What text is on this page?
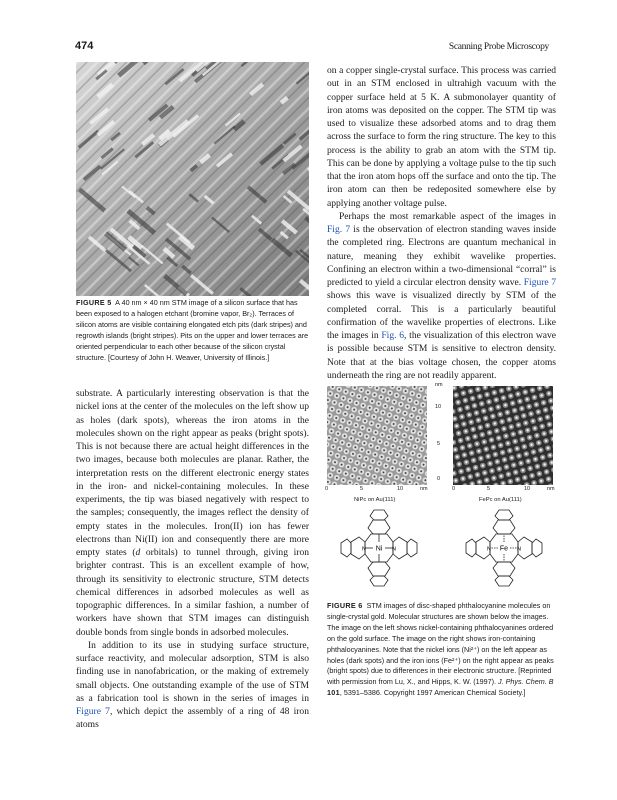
474	Scanning Probe Microscopy
FIGURE 5 A 40 nm × 40 nm STM image of a silicon surface that has been exposed to a halogen etchant (bromine vapor, Br₂). Terraces of silicon atoms are visible containing elongated etch pits (dark stripes) and regrowth islands (bright stripes). Pits on the upper and lower terraces are oriented perpendicular to each other because of the silicon crystal structure. [Courtesy of John H. Weaver, University of Illinois.]

substrate. A particularly interesting observation is that the nickel ions at the center of the molecules on the left show up as holes (dark spots), whereas the iron atoms in the molecules shown on the right appear as peaks (bright spots). This is not because there are actual height differences in the two images, because both molecules are planar. Rather, the interpretation rests on the different electronic energy states in the iron- and nickel-containing molecules. In these experiments, the tip was biased negatively with respect to the samples; consequently, the images reflect the density of empty states in the molecules. Iron(II) ion has fewer electrons than Ni(II) ion and consequently there are more empty states (d orbitals) to tunnel through, giving iron brighter contrast. This is an excellent example of how, through its sensitivity to electronic structure, STM detects chemical differences in adsorbed molecules as well as topographic differences. In a similar fashion, a number of workers have shown that STM images can distinguish double bonds from single bonds in adsorbed molecules.

In addition to its use in studying surface structure, surface reactivity, and molecular adsorption, STM is also finding use in nanofabrication, or the making of extremely small objects. One outstanding example of the use of STM as a fabrication tool is shown in the series of images in Figure 7, which depict the assembly of a ring of 48 iron atoms

on a copper single-crystal surface. This process was carried out in an STM enclosed in ultrahigh vacuum with the copper surface held at 5 K. A submonolayer quantity of iron atoms was deposited on the copper. The STM tip was used to visualize these adsorbed atoms and to drag them across the surface to form the ring structure. The key to this process is the ability to grab an atom with the STM tip. This can be done by applying a voltage pulse to the tip such that the iron atom hops off the surface and onto the tip. The iron atom can then be redeposited somewhere else by applying another voltage pulse.

Perhaps the most remarkable aspect of the images in Fig. 7 is the observation of electron standing waves inside the completed ring. Electrons are quantum mechanical in nature, meaning they exhibit wavelike properties. Confining an electron within a two-dimensional “corral” is predicted to yield a circular electron density wave. Figure 7 shows this wave is visualized directly by STM of the completed corral. This is a particularly beautiful confirmation of the wavelike properties of electrons. Like the images in Fig. 6, the visualization of this electron wave is possible because STM is sensitive to electron density. Note that at the bias voltage chosen, the copper atoms underneath the ring are not readily apparent.

nm
10
5
0
0	5	10	nm	0	5	10	nm
NiPc on Au(111)	FePc on Au(111)
Ni	Fe
N	N	N	N
FIGURE 6 STM images of disc-shaped phthalocyanine molecules on single-crystal gold. Molecular structures are shown below the images. The image on the left shows nickel-containing phthalocyanines ordered on the gold surface. The image on the right shows iron-containing phthalocyanines. Note that the nickel ions (Ni²⁺) on the left appear as holes (dark spots) and the iron ions (Fe²⁺) on the right appear as peaks (bright spots) due to differences in their electronic structure. [Reprinted with permission from Lu, X., and Hipps, K. W. (1997). J. Phys. Chem. B 101, 5391–5386. Copyright 1997 American Chemical Society.]
